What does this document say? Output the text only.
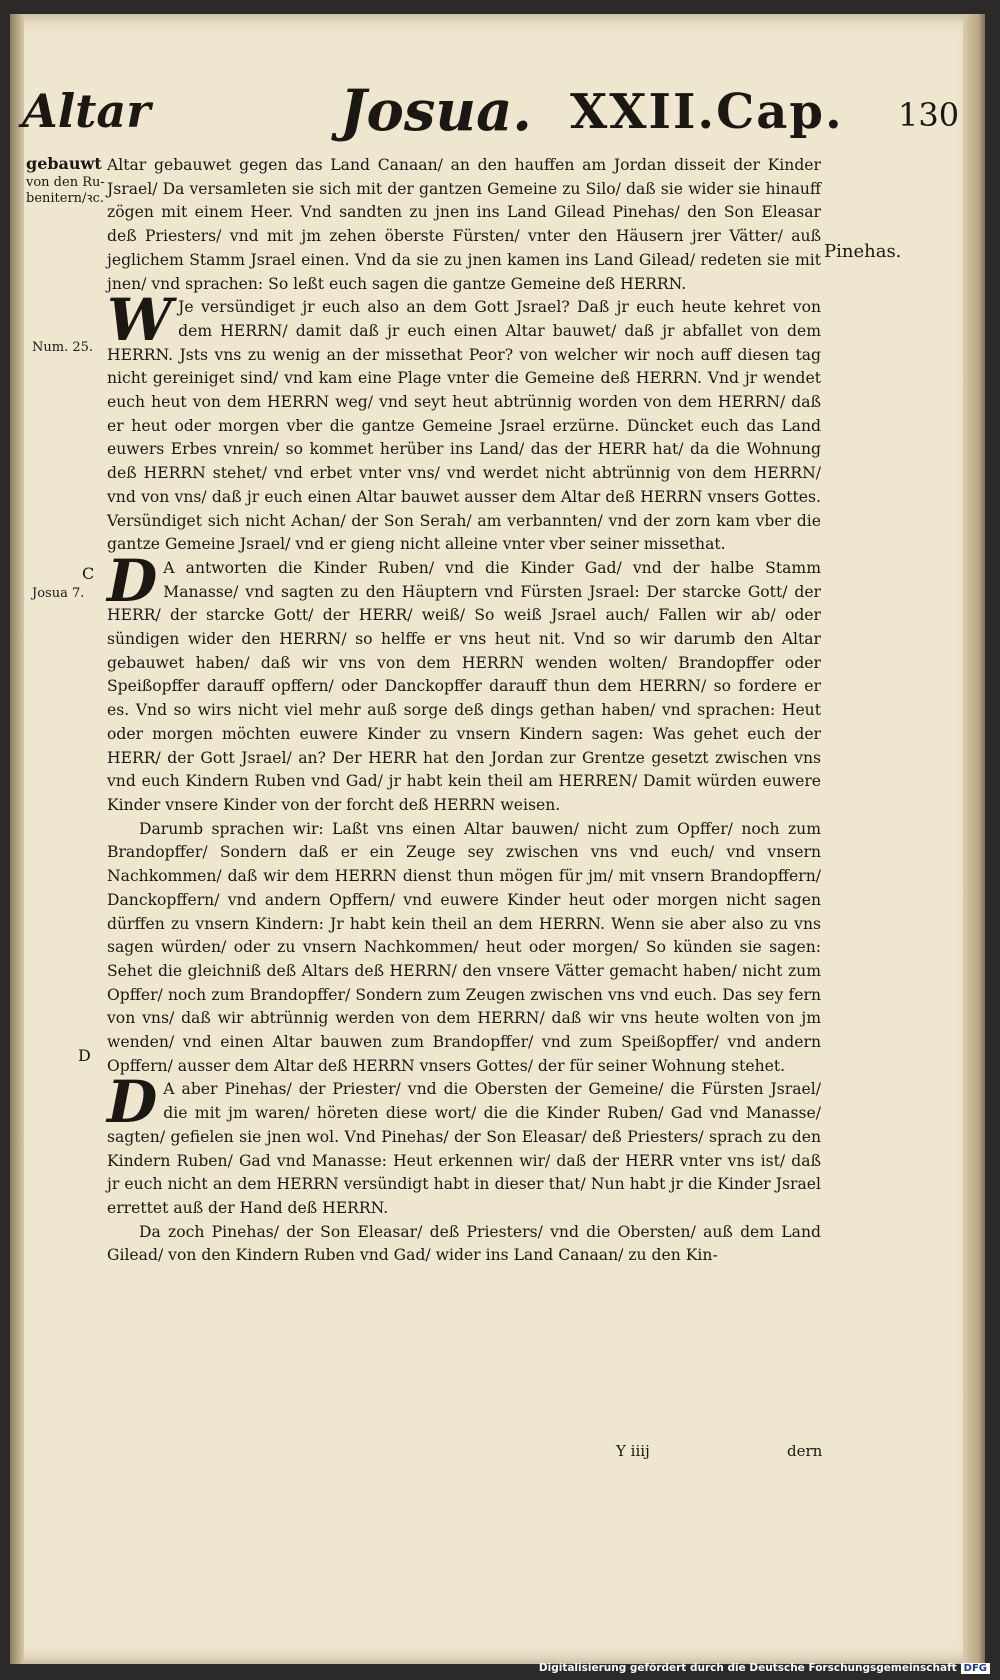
Altar	Josua. XXII.Cap. 130
gebauwt
von den Ru-
benitern/ꝛc.
Num. 25.
Josua 7.
C
D
Pinehas.

Altar gebauwet gegen das Land Canaan/ an den hauffen am Jordan disseit der Kinder Jsrael/ Da versamleten sie sich mit der gantzen Gemeine zu Silo/ daß sie wider sie hinauff zögen mit einem Heer. Vnd sandten zu jnen ins Land Gilead Pinehas/ den Son Eleasar deß Priesters/ vnd mit jm zehen öberste Fürsten/ vnter den Häusern jrer Vätter/ auß jeglichem Stamm Jsrael einen. Vnd da sie zu jnen kamen ins Land Gilead/ redeten sie mit jnen/ vnd sprachen: So leßt euch sagen die gantze Gemeine deß HERRN.

W Je versündiget jr euch also an dem Gott Jsrael? Daß jr euch heute kehret von dem HERRN/ damit daß jr euch einen Altar bauwet/ daß jr abfallet von dem HERRN. Jsts vns zu wenig an der missethat Peor? von welcher wir noch auff diesen tag nicht gereiniget sind/ vnd kam eine Plage vnter die Gemeine deß HERRN. Vnd jr wendet euch heut von dem HERRN weg/ vnd seyt heut abtrünnig worden von dem HERRN/ daß er heut oder morgen vber die gantze Gemeine Jsrael erzürne. Düncket euch das Land euwers Erbes vnrein/ so kommet herüber ins Land/ das der HERR hat/ da die Wohnung deß HERRN stehet/ vnd erbet vnter vns/ vnd werdet nicht abtrünnig von dem HERRN/ vnd von vns/ daß jr euch einen Altar bauwet ausser dem Altar deß HERRN vnsers Gottes. Versündiget sich nicht Achan/ der Son Serah/ am verbannten/ vnd der zorn kam vber die gantze Gemeine Jsrael/ vnd er gieng nicht alleine vnter vber seiner missethat.

D A antworten die Kinder Ruben/ vnd die Kinder Gad/ vnd der halbe Stamm Manasse/ vnd sagten zu den Häuptern vnd Fürsten Jsrael: Der starcke Gott/ der HERR/ der starcke Gott/ der HERR/ weiß/ So weiß Jsrael auch/ Fallen wir ab/ oder sündigen wider den HERRN/ so helffe er vns heut nit. Vnd so wir darumb den Altar gebauwet haben/ daß wir vns von dem HERRN wenden wolten/ Brandopffer oder Speißopffer darauff opffern/ oder Danckopffer darauff thun dem HERRN/ so fordere er es. Vnd so wirs nicht viel mehr auß sorge deß dings gethan haben/ vnd sprachen: Heut oder morgen möchten euwere Kinder zu vnsern Kindern sagen: Was gehet euch der HERR/ der Gott Jsrael/ an? Der HERR hat den Jordan zur Grentze gesetzt zwischen vns vnd euch Kindern Ruben vnd Gad/ jr habt kein theil am HERREN/ Damit würden euwere Kinder vnsere Kinder von der forcht deß HERRN weisen.

Darumb sprachen wir: Laßt vns einen Altar bauwen/ nicht zum Opffer/ noch zum Brandopffer/ Sondern daß er ein Zeuge sey zwischen vns vnd euch/ vnd vnsern Nachkommen/ daß wir dem HERRN dienst thun mögen für jm/ mit vnsern Brandopffern/ Danckopffern/ vnd andern Opffern/ vnd euwere Kinder heut oder morgen nicht sagen dürffen zu vnsern Kindern: Jr habt kein theil an dem HERRN. Wenn sie aber also zu vns sagen würden/ oder zu vnsern Nachkommen/ heut oder morgen/ So künden sie sagen: Sehet die gleichniß deß Altars deß HERRN/ den vnsere Vätter gemacht haben/ nicht zum Opffer/ noch zum Brandopffer/ Sondern zum Zeugen zwischen vns vnd euch. Das sey fern von vns/ daß wir abtrünnig werden von dem HERRN/ daß wir vns heute wolten von jm wenden/ vnd einen Altar bauwen zum Brandopffer/ vnd zum Speißopffer/ vnd andern Opffern/ ausser dem Altar deß HERRN vnsers Gottes/ der für seiner Wohnung stehet.

D A aber Pinehas/ der Priester/ vnd die Obersten der Gemeine/ die Fürsten Jsrael/ die mit jm waren/ höreten diese wort/ die die Kinder Ruben/ Gad vnd Manasse/ sagten/ gefielen sie jnen wol. Vnd Pinehas/ der Son Eleasar/ deß Priesters/ sprach zu den Kindern Ruben/ Gad vnd Manasse: Heut erkennen wir/ daß der HERR vnter vns ist/ daß jr euch nicht an dem HERRN versündigt habt in dieser that/ Nun habt jr die Kinder Jsrael errettet auß der Hand deß HERRN.

Da zoch Pinehas/ der Son Eleasar/ deß Priesters/ vnd die Obersten/ auß dem Land Gilead/ von den Kindern Ruben vnd Gad/ wider ins Land Canaan/ zu den Kin-

Y iiij	dern
Digitalisierung gefördert durch die Deutsche Forschungsgemeinschaft DFG
